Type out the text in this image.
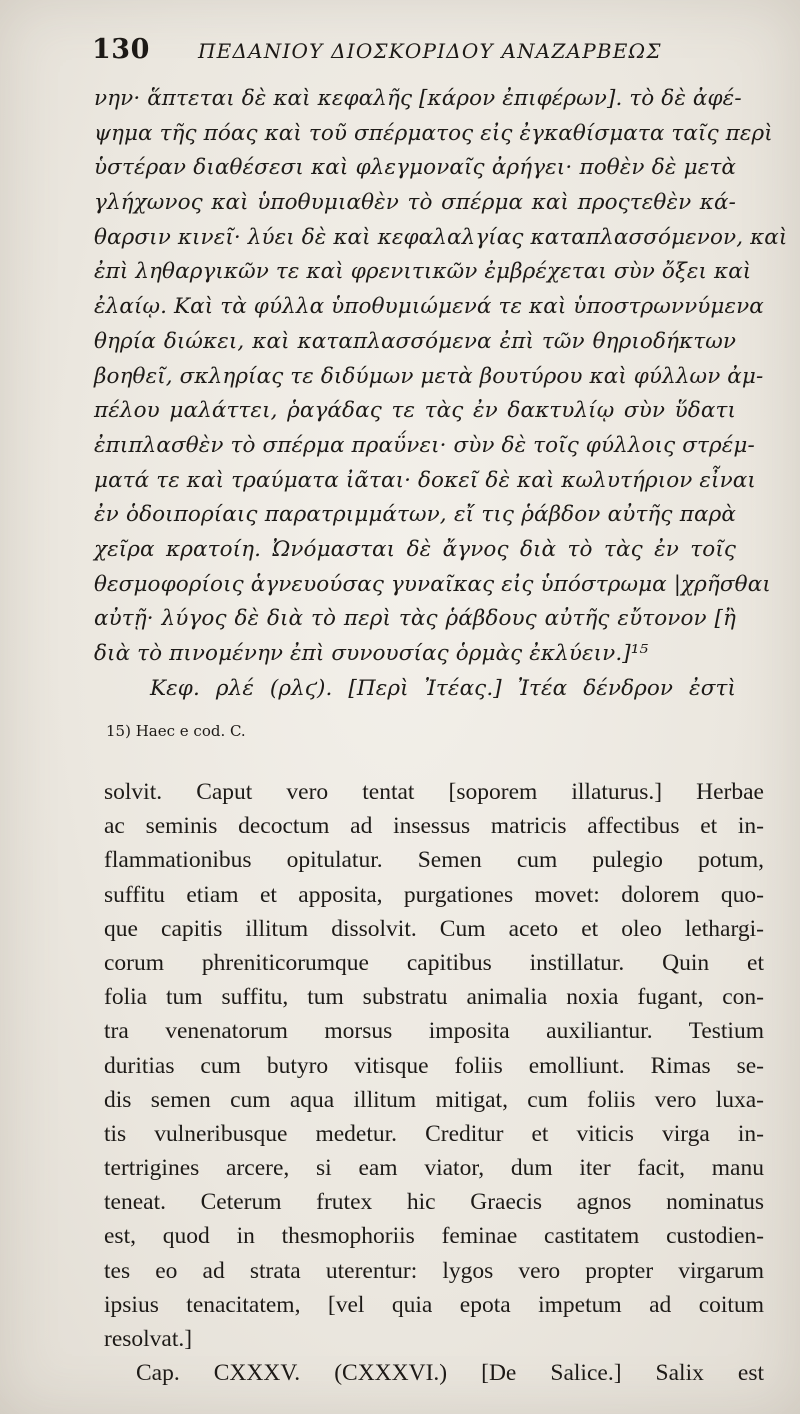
130 ΠΕΔΑΝΙΟΥ ΔΙΟΣΚΟΡΙΔΟΥ ΑΝΑΖΑΡΒΕΩΣ
νην· ἅπτεται δὲ καὶ κεφαλῆς [κάρον ἐπιφέρων]. τὸ δὲ ἀφέ-
ψημα τῆς πόας καὶ τοῦ σπέρματος εἰς ἐγκαθίσματα ταῖς περὶ
ὑστέραν διαθέσεσι καὶ φλεγμοναῖς ἀρήγει· ποθὲν δὲ μετὰ
γλήχωνος καὶ ὑποθυμιαθὲν τὸ σπέρμα καὶ προςτεθὲν κά-
θαρσιν κινεῖ· λύει δὲ καὶ κεφαλαλγίας καταπλασσόμενον, καὶ
ἐπὶ ληθαργικῶν τε καὶ φρενιτικῶν ἐμβρέχεται σὺν ὄξει καὶ
ἐλαίῳ. Καὶ τὰ φύλλα ὑποθυμιώμενά τε καὶ ὑποστρωννύμενα
θηρία διώκει, καὶ καταπλασσόμενα ἐπὶ τῶν θηριοδήκτων
βοηθεῖ, σκληρίας τε διδύμων μετὰ βουτύρου καὶ φύλλων ἀμ-
πέλου μαλάττει, ῥαγάδας τε τὰς ἐν δακτυλίῳ σὺν ὕδατι
ἐπιπλασθὲν τὸ σπέρμα πραΰνει· σὺν δὲ τοῖς φύλλοις στρέμ-
ματά τε καὶ τραύματα ἰᾶται· δοκεῖ δὲ καὶ κωλυτήριον εἶναι
ἐν ὁδοιπορίαις παρατριμμάτων, εἴ τις ῥάβδον αὐτῆς παρὰ
χεῖρα κρατοίη. Ὠνόμασται δὲ ἄγνος διὰ τὸ τὰς ἐν τοῖς
θεσμοφορίοις ἁγνευούσας γυναῖκας εἰς ὑπόστρωμα |χρῆσθαι
αὐτῇ· λύγος δὲ διὰ τὸ περὶ τὰς ῥάβδους αὐτῆς εὔτονον [ἢ
διὰ τὸ πινομένην ἐπὶ συνουσίας ὁρμὰς ἐκλύειν.]¹⁵
Κεφ. ρλέ (ρλϛ). [Περὶ Ἰτέας.] Ἰτέα δένδρον ἐστὶ
15) Haec e cod. C.
solvit. Caput vero tentat [soporem illaturus.] Herbae
ac seminis decoctum ad insessus matricis affectibus et in-
flammationibus opitulatur. Semen cum pulegio potum,
suffitu etiam et apposita, purgationes movet: dolorem quo-
que capitis illitum dissolvit. Cum aceto et oleo lethargi-
corum phreniticorumque capitibus instillatur. Quin et
folia tum suffitu, tum substratu animalia noxia fugant, con-
tra venenatorum morsus imposita auxiliantur. Testium
duritias cum butyro vitisque foliis emolliunt. Rimas se-
dis semen cum aqua illitum mitigat, cum foliis vero luxa-
tis vulneribusque medetur. Creditur et viticis virga in-
tertrigines arcere, si eam viator, dum iter facit, manu
teneat. Ceterum frutex hic Graecis agnos nominatus
est, quod in thesmophoriis feminae castitatem custodien-
tes eo ad strata uterentur: lygos vero propter virgarum
ipsius tenacitatem, [vel quia epota impetum ad coitum
resolvat.]
Cap. CXXXV. (CXXXVI.) [De Salice.] Salix est
